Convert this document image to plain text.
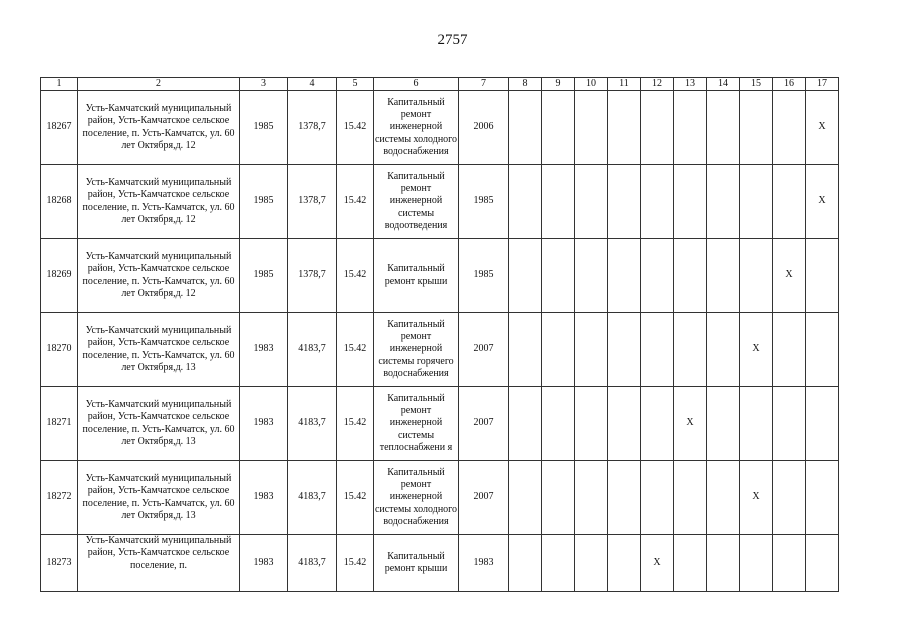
2757
1	2	3	4	5	6	7	8	9	10	11	12	13	14	15	16	17
18267	Усть-Камчатский муниципальный район, Усть-Камчатское сельское поселение, п. Усть-Камчатск, ул. 60 лет Октября,д. 12	1985	1378,7	15.42	Капитальный ремонт инженерной системы холодного водоснабжения	2006										X
18268	Усть-Камчатский муниципальный район, Усть-Камчатское сельское поселение, п. Усть-Камчатск, ул. 60 лет Октября,д. 12	1985	1378,7	15.42	Капитальный ремонт инженерной системы водоотведения	1985										X
18269	Усть-Камчатский муниципальный район, Усть-Камчатское сельское поселение, п. Усть-Камчатск, ул. 60 лет Октября,д. 12	1985	1378,7	15.42	Капитальный ремонт крыши	1985									X	
18270	Усть-Камчатский муниципальный район, Усть-Камчатское сельское поселение, п. Усть-Камчатск, ул. 60 лет Октября,д. 13	1983	4183,7	15.42	Капитальный ремонт инженерной системы горячего водоснабжения	2007								X		
18271	Усть-Камчатский муниципальный район, Усть-Камчатское сельское поселение, п. Усть-Камчатск, ул. 60 лет Октября,д. 13	1983	4183,7	15.42	Капитальный ремонт инженерной системы теплоснабжени я	2007						X				
18272	Усть-Камчатский муниципальный район, Усть-Камчатское сельское поселение, п. Усть-Камчатск, ул. 60 лет Октября,д. 13	1983	4183,7	15.42	Капитальный ремонт инженерной системы холодного водоснабжения	2007								X		
18273	Усть-Камчатский муниципальный район, Усть-Камчатское сельское поселение, п.	1983	4183,7	15.42	Капитальный ремонт крыши	1983					X					
